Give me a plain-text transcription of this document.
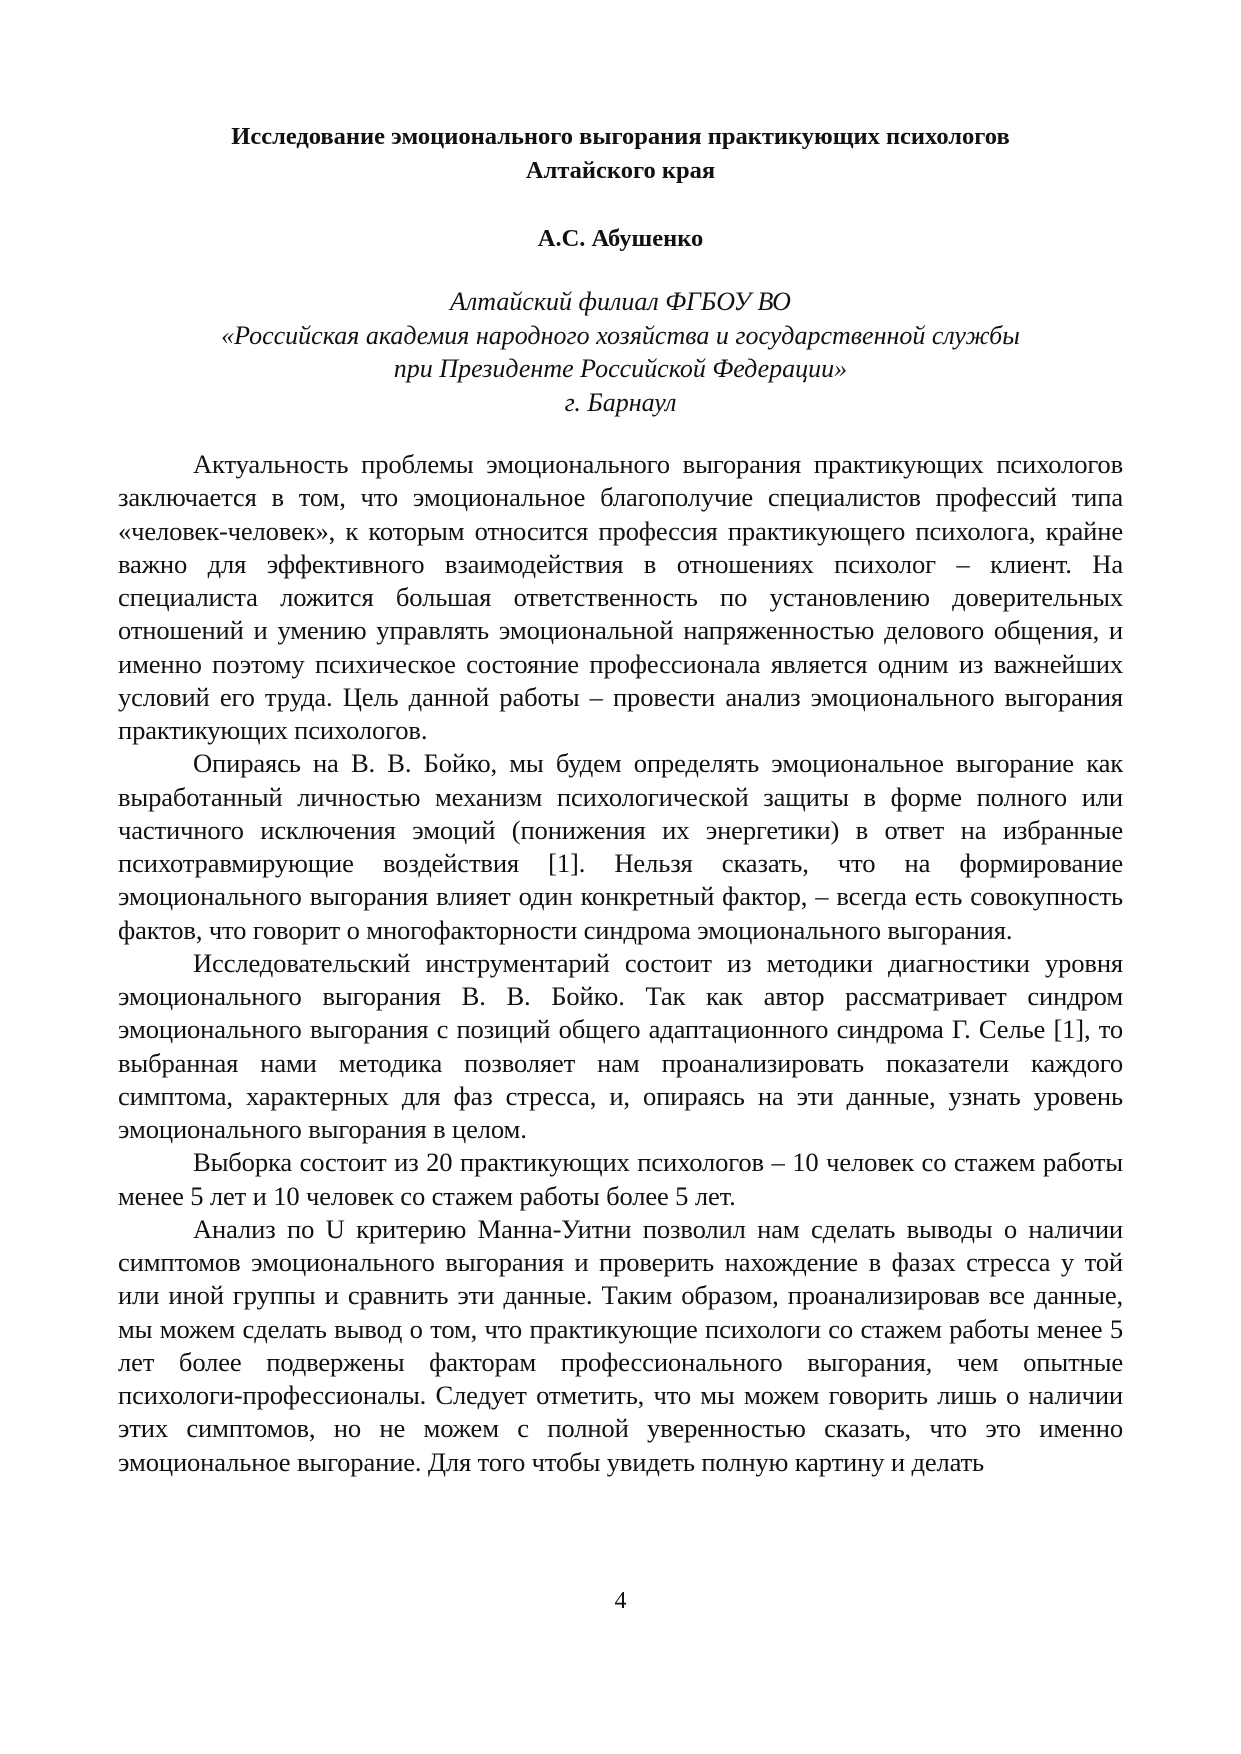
Исследование эмоционального выгорания практикующих психологов
Алтайского края
А.С. Абушенко
Алтайский филиал ФГБОУ ВО
«Российская академия народного хозяйства и государственной службы
при Президенте Российской Федерации»
г. Барнаул

Актуальность проблемы эмоционального выгорания практикующих психологов заключается в том, что эмоциональное благополучие специалистов профессий типа «человек-человек», к которым относится профессия практикующего психолога, крайне важно для эффективного взаимодействия в отношениях психолог – клиент. На специалиста ложится большая ответственность по установлению доверительных отношений и умению управлять эмоциональной напряженностью делового общения, и именно поэтому психическое состояние профессионала является одним из важнейших условий его труда. Цель данной работы – провести анализ эмоционального выгорания практикующих психологов.

Опираясь на В. В. Бойко, мы будем определять эмоциональное выгорание как выработанный личностью механизм психологической защиты в форме полного или частичного исключения эмоций (понижения их энергетики) в ответ на избранные психотравмирующие воздействия [1]. Нельзя сказать, что на формирование эмоционального выгорания влияет один конкретный фактор, – всегда есть совокупность фактов, что говорит о многофакторности синдрома эмоционального выгорания.

Исследовательский инструментарий состоит из методики диагностики уровня эмоционального выгорания В. В. Бойко. Так как автор рассматривает синдром эмоционального выгорания с позиций общего адаптационного синдрома Г. Селье [1], то выбранная нами методика позволяет нам проанализировать показатели каждого симптома, характерных для фаз стресса, и, опираясь на эти данные, узнать уровень эмоционального выгорания в целом.

Выборка состоит из 20 практикующих психологов – 10 человек со стажем работы менее 5 лет и 10 человек со стажем работы более 5 лет.

Анализ по U критерию Манна-Уитни позволил нам сделать выводы о наличии симптомов эмоционального выгорания и проверить нахождение в фазах стресса у той или иной группы и сравнить эти данные. Таким образом, проанализировав все данные, мы можем сделать вывод о том, что практикующие психологи со стажем работы менее 5 лет более подвержены факторам профессионального выгорания, чем опытные психологи-профессионалы. Следует отметить, что мы можем говорить лишь о наличии этих симптомов, но не можем с полной уверенностью сказать, что это именно эмоциональное выгорание. Для того чтобы увидеть полную картину и делать

4
